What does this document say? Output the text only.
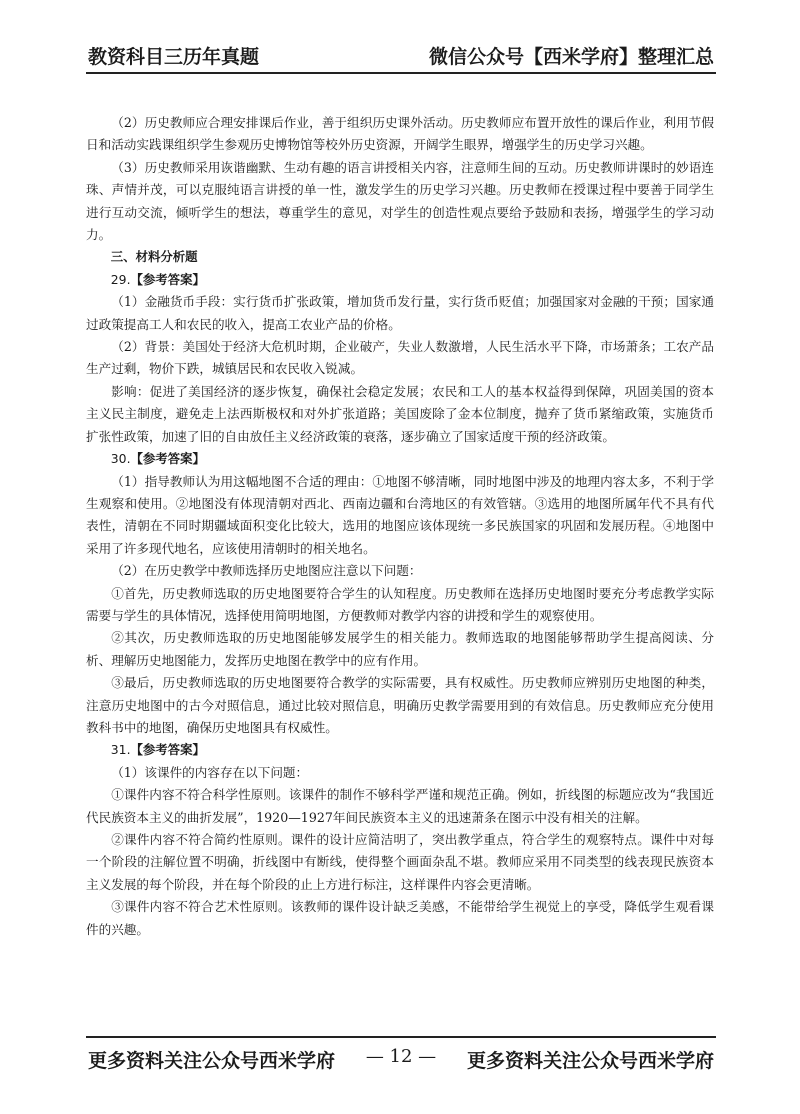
教资科目三历年真题	微信公众号【西米学府】整理汇总

（2）历史教师应合理安排课后作业，善于组织历史课外活动。历史教师应布置开放性的课后作业，利用节假日和活动实践课组织学生参观历史博物馆等校外历史资源，开阔学生眼界，增强学生的历史学习兴趣。

（3）历史教师采用诙谐幽默、生动有趣的语言讲授相关内容，注意师生间的互动。历史教师讲课时的妙语连珠、声情并茂，可以克服纯语言讲授的单一性，激发学生的历史学习兴趣。历史教师在授课过程中要善于同学生进行互动交流，倾听学生的想法，尊重学生的意见，对学生的创造性观点要给予鼓励和表扬，增强学生的学习动力。

三、材料分析题

29.【参考答案】

（1）金融货币手段：实行货币扩张政策，增加货币发行量，实行货币贬值；加强国家对金融的干预；国家通过政策提高工人和农民的收入，提高工农业产品的价格。

（2）背景：美国处于经济大危机时期，企业破产，失业人数激增，人民生活水平下降，市场萧条；工农产品生产过剩，物价下跌，城镇居民和农民收入锐减。

影响：促进了美国经济的逐步恢复，确保社会稳定发展；农民和工人的基本权益得到保障，巩固美国的资本主义民主制度，避免走上法西斯极权和对外扩张道路；美国废除了金本位制度，抛弃了货币紧缩政策，实施货币扩张性政策，加速了旧的自由放任主义经济政策的衰落，逐步确立了国家适度干预的经济政策。

30.【参考答案】

（1）指导教师认为用这幅地图不合适的理由：①地图不够清晰，同时地图中涉及的地理内容太多，不利于学生观察和使用。②地图没有体现清朝对西北、西南边疆和台湾地区的有效管辖。③选用的地图所属年代不具有代表性，清朝在不同时期疆域面积变化比较大，选用的地图应该体现统一多民族国家的巩固和发展历程。④地图中采用了许多现代地名，应该使用清朝时的相关地名。

（2）在历史教学中教师选择历史地图应注意以下问题：

①首先，历史教师选取的历史地图要符合学生的认知程度。历史教师在选择历史地图时要充分考虑教学实际需要与学生的具体情况，选择使用简明地图，方便教师对教学内容的讲授和学生的观察使用。

②其次，历史教师选取的历史地图能够发展学生的相关能力。教师选取的地图能够帮助学生提高阅读、分析、理解历史地图能力，发挥历史地图在教学中的应有作用。

③最后，历史教师选取的历史地图要符合教学的实际需要，具有权威性。历史教师应辨别历史地图的种类，注意历史地图中的古今对照信息，通过比较对照信息，明确历史教学需要用到的有效信息。历史教师应充分使用教科书中的地图，确保历史地图具有权威性。

31.【参考答案】

（1）该课件的内容存在以下问题：

①课件内容不符合科学性原则。该课件的制作不够科学严谨和规范正确。例如，折线图的标题应改为“我国近代民族资本主义的曲折发展”，1920—1927年间民族资本主义的迅速萧条在图示中没有相关的注解。

②课件内容不符合简约性原则。课件的设计应简洁明了，突出教学重点，符合学生的观察特点。课件中对每一个阶段的注解位置不明确，折线图中有断线，使得整个画面杂乱不堪。教师应采用不同类型的线表现民族资本主义发展的每个阶段，并在每个阶段的止上方进行标注，这样课件内容会更清晰。

③课件内容不符合艺术性原则。该教师的课件设计缺乏美感，不能带给学生视觉上的享受，降低学生观看课件的兴趣。

更多资料关注公众号西米学府 — 12 — 更多资料关注公众号西米学府
